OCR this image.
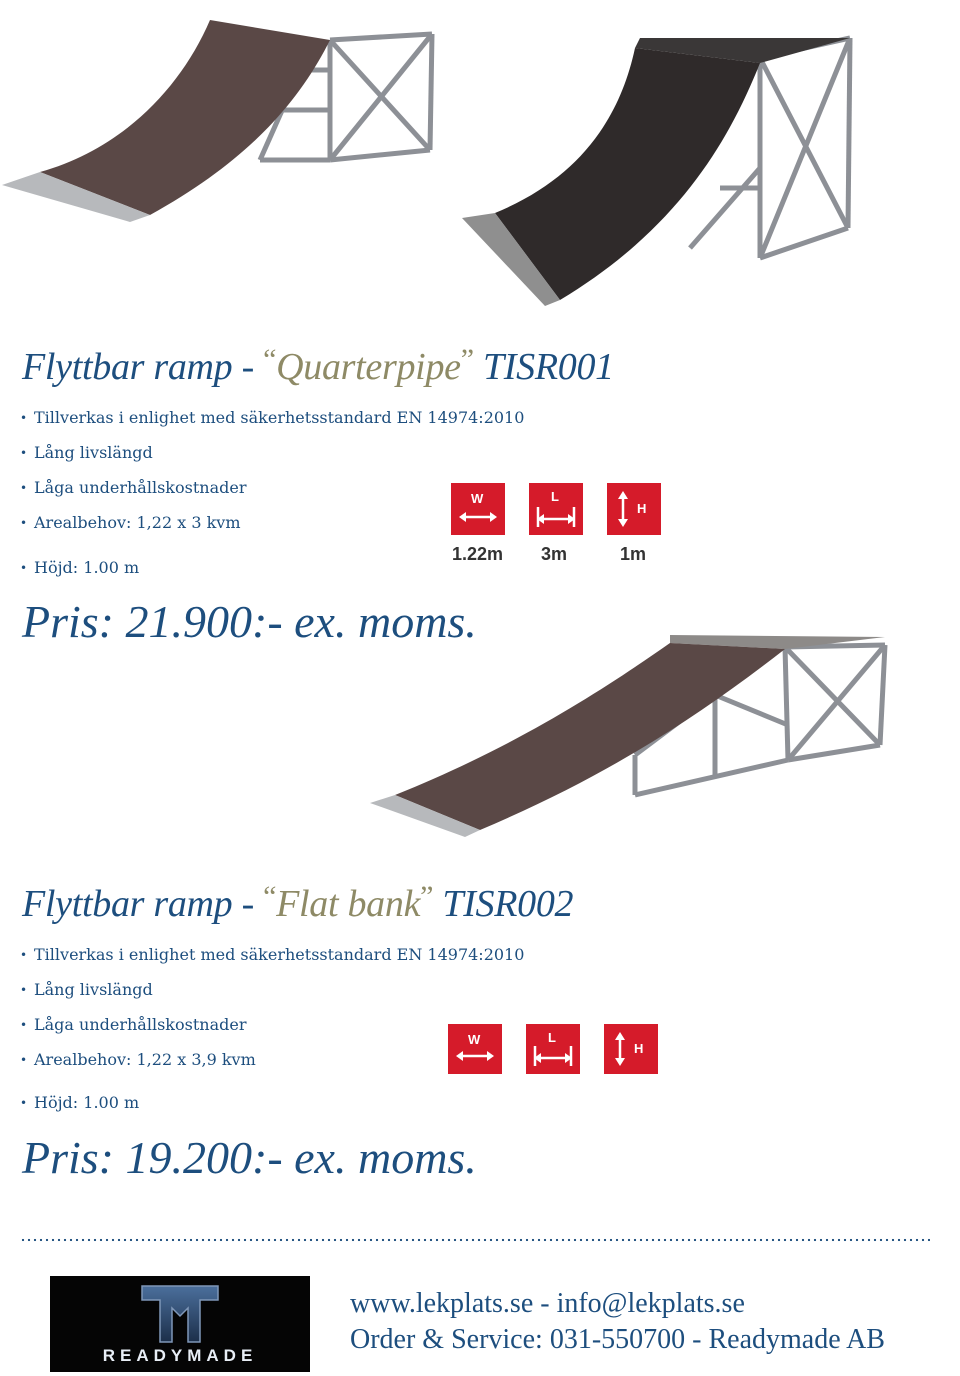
Flyttbar ramp - “Quarterpipe” TISR001
• Tillverkas i enlighet med säkerhetsstandard EN 14974:2010
• Lång livslängd
• Låga underhållskostnader
• Arealbehov: 1,22 x 3 kvm
• Höjd: 1.00 m
W	L
H
1.22m 3m	1m
Pris: 21.900:- ex. moms.
Flyttbar ramp - “Flat bank” TISR002
• Tillverkas i enlighet med säkerhetsstandard EN 14974:2010
• Lång livslängd
• Låga underhållskostnader
• Arealbehov: 1,22 x 3,9 kvm
• Höjd: 1.00 m
W	L
H
Pris: 19.200:- ex. moms.
READYMADE
www.lekplats.se - info@lekplats.se
Order & Service: 031-550700 - Readymade AB
